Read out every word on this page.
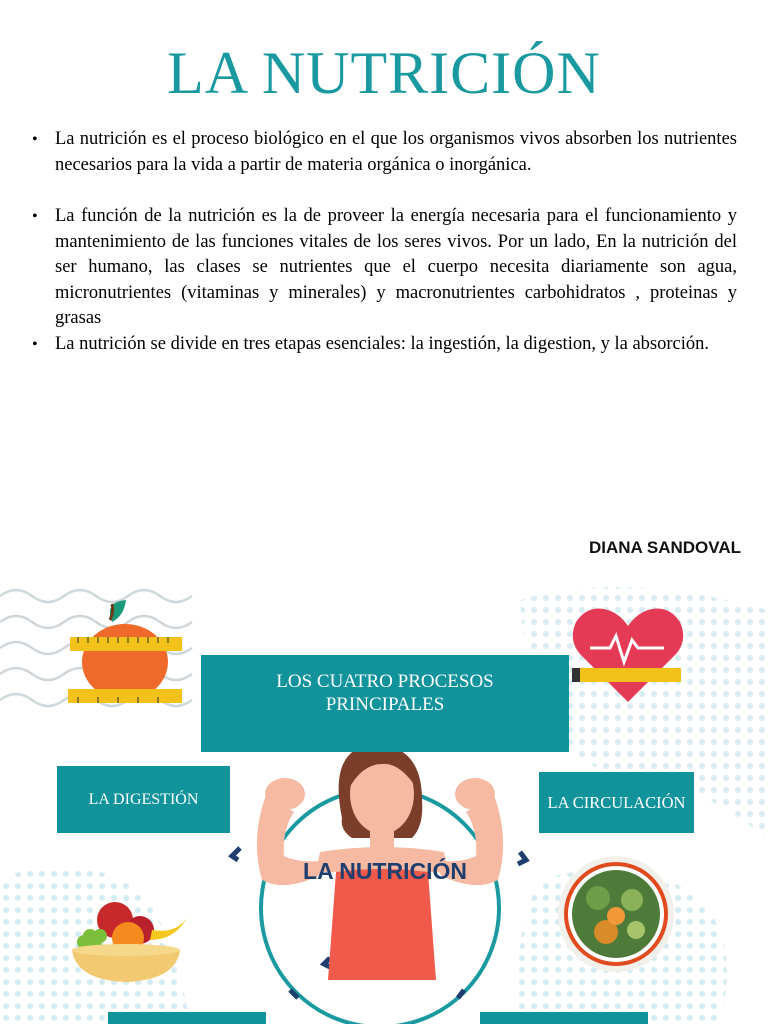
LA NUTRICIÓN
• La nutrición es el proceso biológico en el que los organismos vivos absorben los nutrientes necesarios para la vida a partir de materia orgánica o inorgánica.
• La función de la nutrición es la de proveer la energía necesaria para el funcionamiento y mantenimiento de las funciones vitales de los seres vivos. Por un lado, En la nutrición del ser humano, las clases se nutrientes que el cuerpo necesita diariamente son agua, micronutrientes (vitaminas y minerales) y macronutrientes carbohidratos , proteinas y grasas
• La nutrición se divide en tres etapas esenciales: la ingestión, la digestion, y la absorción.
DIANA SANDOVAL
LOS CUATRO PROCESOS PRINCIPALES
LA DIGESTIÓN	LA CIRCULACIÓN
LA NUTRICIÓN
